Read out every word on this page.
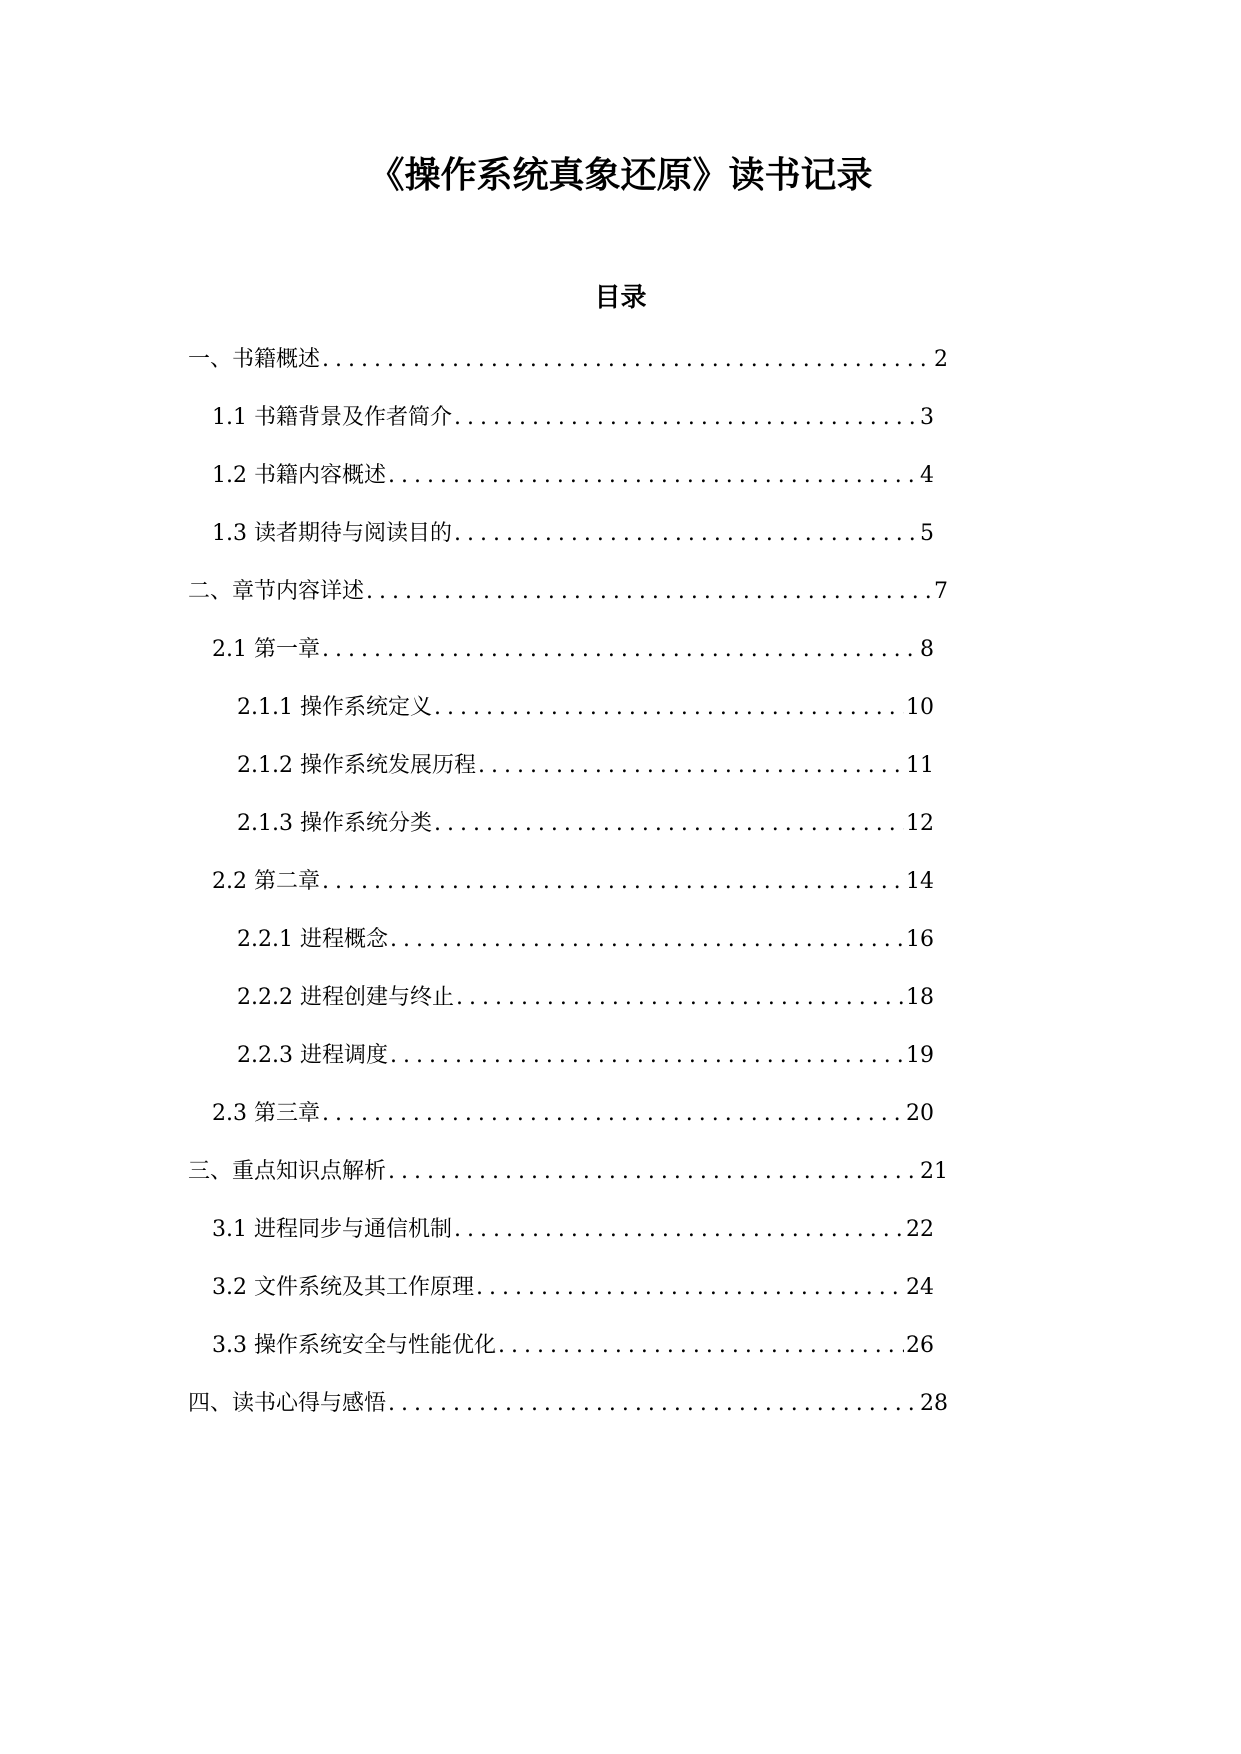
《操作系统真象还原》读书记录
目录
一、书籍概述 .....	2
1.1 书籍背景及作者简介 .....	3
1.2 书籍内容概述 .....	4
1.3 读者期待与阅读目的 .....	5
二、章节内容详述 .....	7
2.1 第一章 .....	8
2.1.1 操作系统定义 .....	10
2.1.2 操作系统发展历程 .....	11
2.1.3 操作系统分类 .....	12
2.2 第二章 .....	14
2.2.1 进程概念 .....	16
2.2.2 进程创建与终止 .....	18
2.2.3 进程调度 .....	19
2.3 第三章 .....	20
三、重点知识点解析 .....	21
3.1 进程同步与通信机制 .....	22
3.2 文件系统及其工作原理 .....	24
3.3 操作系统安全与性能优化 .....	26
四、读书心得与感悟 .....	28
